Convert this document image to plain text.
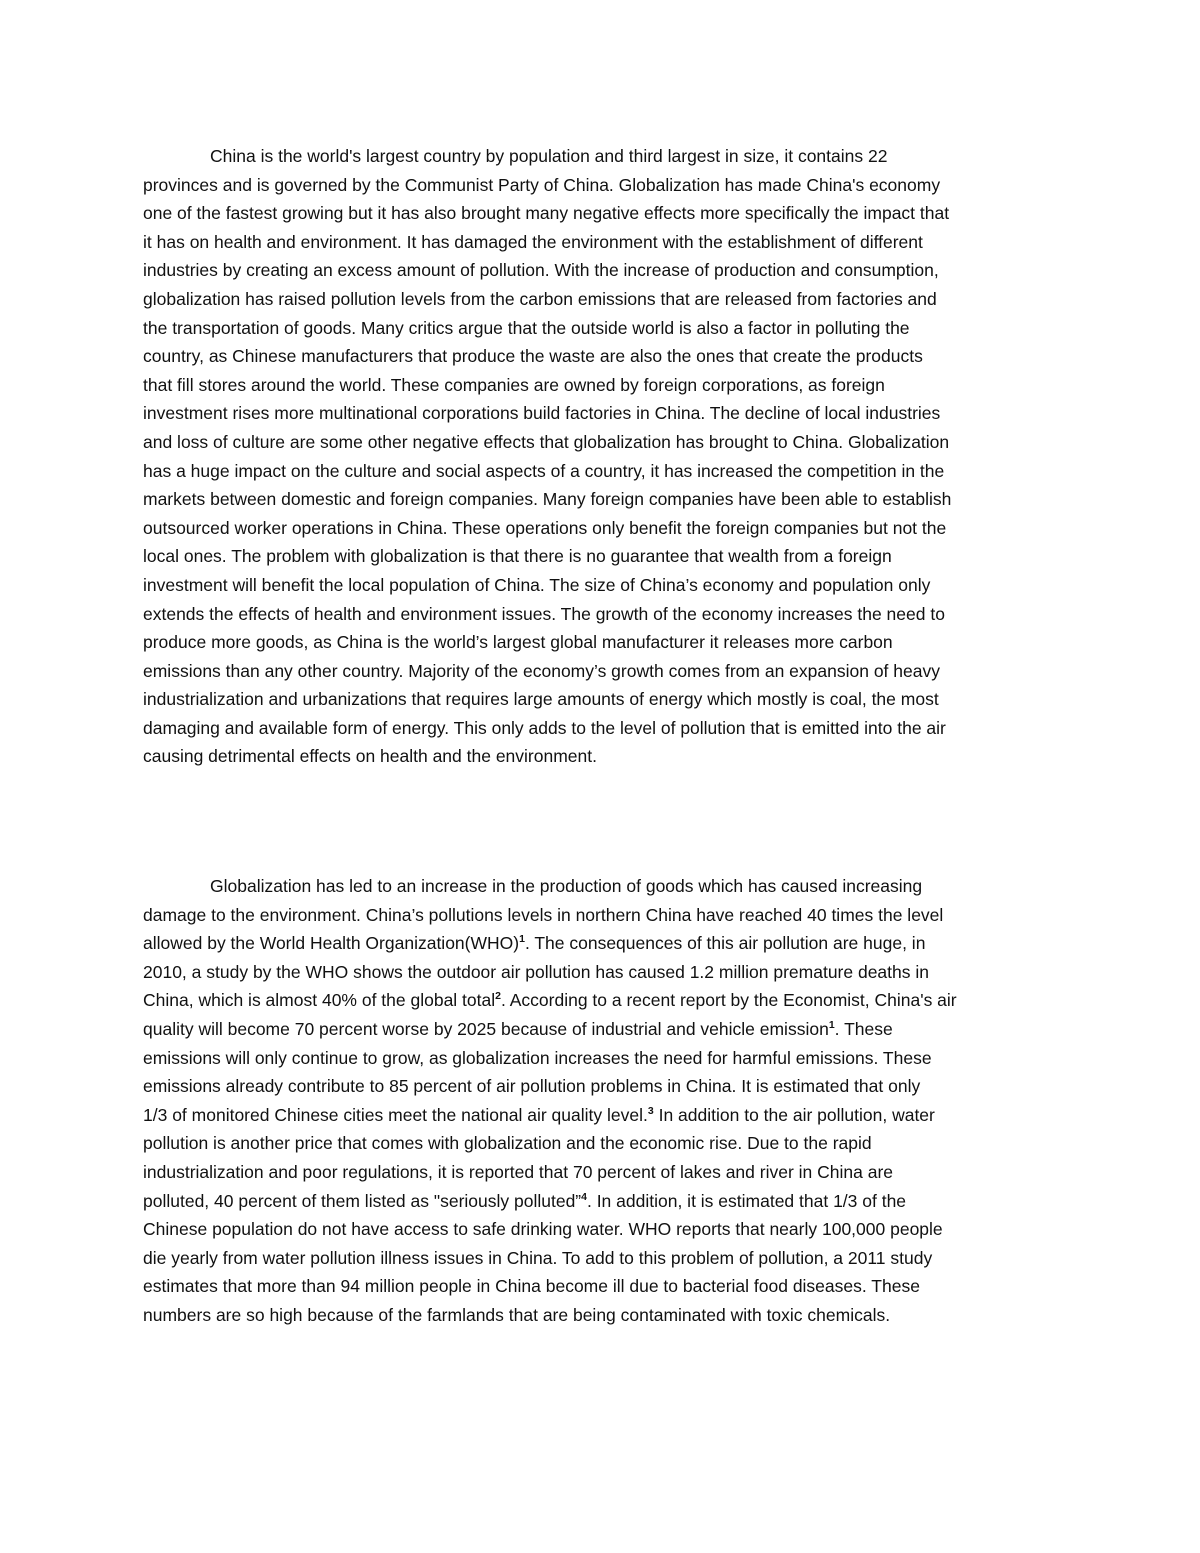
China is the world's largest country by population and third largest in size, it contains 22
provinces and is governed by the Communist Party of China. Globalization has made China's economy
one of the fastest growing but it has also brought many negative effects more specifically the impact that
it has on health and environment. It has damaged the environment with the establishment of different
industries by creating an excess amount of pollution. With the increase of production and consumption,
globalization has raised pollution levels from the carbon emissions that are released from factories and
the transportation of goods. Many critics argue that the outside world is also a factor in polluting the
country, as Chinese manufacturers that produce the waste are also the ones that create the products
that fill stores around the world. These companies are owned by foreign corporations, as foreign
investment rises more multinational corporations build factories in China. The decline of local industries
and loss of culture are some other negative effects that globalization has brought to China. Globalization
has a huge impact on the culture and social aspects of a country, it has increased the competition in the
markets between domestic and foreign companies. Many foreign companies have been able to establish
outsourced worker operations in China. These operations only benefit the foreign companies but not the
local ones. The problem with globalization is that there is no guarantee that wealth from a foreign
investment will benefit the local population of China. The size of China’s economy and population only
extends the effects of health and environment issues. The growth of the economy increases the need to
produce more goods, as China is the world’s largest global manufacturer it releases more carbon
emissions than any other country. Majority of the economy’s growth comes from an expansion of heavy
industrialization and urbanizations that requires large amounts of energy which mostly is coal, the most
damaging and available form of energy. This only adds to the level of pollution that is emitted into the air
causing detrimental effects on health and the environment.
Globalization has led to an increase in the production of goods which has caused increasing
damage to the environment. China’s pollutions levels in northern China have reached 40 times the level
allowed by the World Health Organization(WHO)$^1$. The consequences of this air pollution are huge, in
2010, a study by the WHO shows the outdoor air pollution has caused 1.2 million premature deaths in
China, which is almost 40% of the global total$^2$. According to a recent report by the Economist, China's air
quality will become 70 percent worse by 2025 because of industrial and vehicle emission$^1$. These
emissions will only continue to grow, as globalization increases the need for harmful emissions. These
emissions already contribute to 85 percent of air pollution problems in China. It is estimated that only
1/3 of monitored Chinese cities meet the national air quality level.$^3$ In addition to the air pollution, water
pollution is another price that comes with globalization and the economic rise. Due to the rapid
industrialization and poor regulations, it is reported that 70 percent of lakes and river in China are
polluted, 40 percent of them listed as "seriously polluted”$^4$. In addition, it is estimated that 1/3 of the
Chinese population do not have access to safe drinking water. WHO reports that nearly 100,000 people
die yearly from water pollution illness issues in China. To add to this problem of pollution, a 2011 study
estimates that more than 94 million people in China become ill due to bacterial food diseases. These
numbers are so high because of the farmlands that are being contaminated with toxic chemicals.
